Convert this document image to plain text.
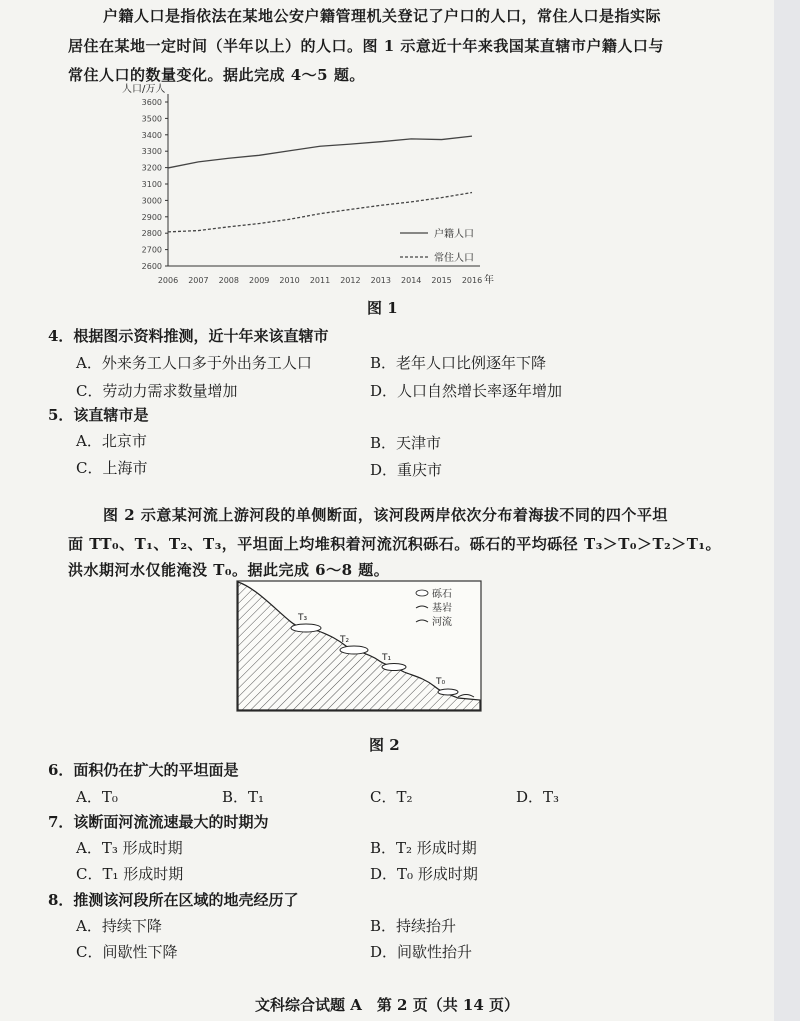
户籍人口是指依法在某地公安户籍管理机关登记了户口的人口，常住人口是指实际
居住在某地一定时间（半年以上）的人口。图 1 示意近十年来我国某直辖市户籍人口与
常住人口的数量变化。据此完成 4～5 题。
人口/万人
年
2600
2700
2800
2900
3000
3100
3200
3300
3400
3500
3600
2006 2007 2008 2009 2010 2011 2012 2013 2014 2015 2016
户籍人口
常住人口
图 1
4．根据图示资料推测，近十年来该直辖市
A．外来务工人口多于外出务工人口	B．老年人口比例逐年下降
C．劳动力需求数量增加	D．人口自然增长率逐年增加
5．该直辖市是
A．北京市	B．天津市
C．上海市	D．重庆市
图 2 示意某河流上游河段的单侧断面，该河段两岸依次分布着海拔不同的四个平坦
面 TT₀、T₁、T₂、T₃，平坦面上均堆积着河流沉积砾石。砾石的平均砾径 T₃＞T₀＞T₂＞T₁。
洪水期河水仅能淹没 T₀。据此完成 6～8 题。
T₃
T₂
T₁
T₀
砾石
基岩
河流
图 2
6．面积仍在扩大的平坦面是
A．T₀	B．T₁	C．T₂	D．T₃
7．该断面河流流速最大的时期为
A．T₃ 形成时期	B．T₂ 形成时期
C．T₁ 形成时期	D．T₀ 形成时期
8．推测该河段所在区域的地壳经历了
A．持续下降	B．持续抬升
C．间歇性下降	D．间歇性抬升
文科综合试题 A　第 2 页（共 14 页）
